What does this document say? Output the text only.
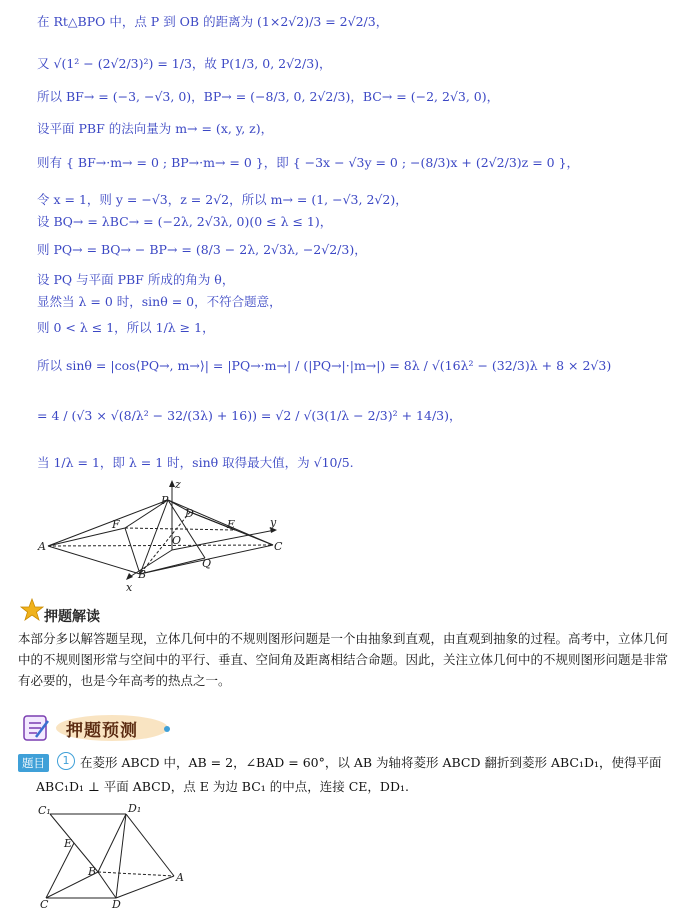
在 Rt△BPO 中，点 P 到 OB 的距离为 (1×2√2)/3 = 2√2/3，
又 √(1² − (2√2/3)²) = 1/3，故 P(1/3, 0, 2√2/3)，
所以 BF→ = (−3, −√3, 0)，BP→ = (−8/3, 0, 2√2/3)，BC→ = (−2, 2√3, 0)，
设平面 PBF 的法向量为 m→ = (x, y, z)，
则有 { BF→·m→ = 0 ; BP→·m→ = 0 }，即 { −3x − √3y = 0 ; −(8/3)x + (2√2/3)z = 0 }，
令 x = 1，则 y = −√3，z = 2√2，所以 m→ = (1, −√3, 2√2)，
设 BQ→ = λBC→ = (−2λ, 2√3λ, 0)(0 ≤ λ ≤ 1)，
则 PQ→ = BQ→ − BP→ = (8/3 − 2λ, 2√3λ, −2√2/3)，
设 PQ 与平面 PBF 所成的角为 θ，
显然当 λ = 0 时，sinθ = 0，不符合题意，
则 0 < λ ≤ 1，所以 1/λ ≥ 1，
所以 sinθ = |cos⟨PQ→, m→⟩| = |PQ→·m→| / (|PQ→|·|m→|) = 8λ / √(16λ² − (32/3)λ + 8 × 2√3)
= 4 / (√3 × √(8/λ² − 32/(3λ) + 16)) = √2 / √(3(1/λ − 2/3)² + 14/3)，
当 1/λ = 1，即 λ = 1 时，sinθ 取得最大值，为 √10/5.
z
P
D
F	E	y
O
A	C
B
Q
x
押题解读
本部分多以解答题呈现，立体几何中的不规则图形问题是一个由抽象到直观，由直观到抽象的过程。高考中，立体几何中的不规则图形常与空间中的平行、垂直、空间角及距离相结合命题。因此，关注立体几何中的不规则图形问题是非常有必要的，也是今年高考的热点之一。
押题预测
题目	1 在菱形 ABCD 中，AB = 2，∠BAD = 60°，以 AB 为轴将菱形 ABCD 翻折到菱形 ABC₁D₁，使得平面
ABC₁D₁ ⊥ 平面 ABCD，点 E 为边 BC₁ 的中点，连接 CE，DD₁.
C₁	D₁
E
B	A
C	D
